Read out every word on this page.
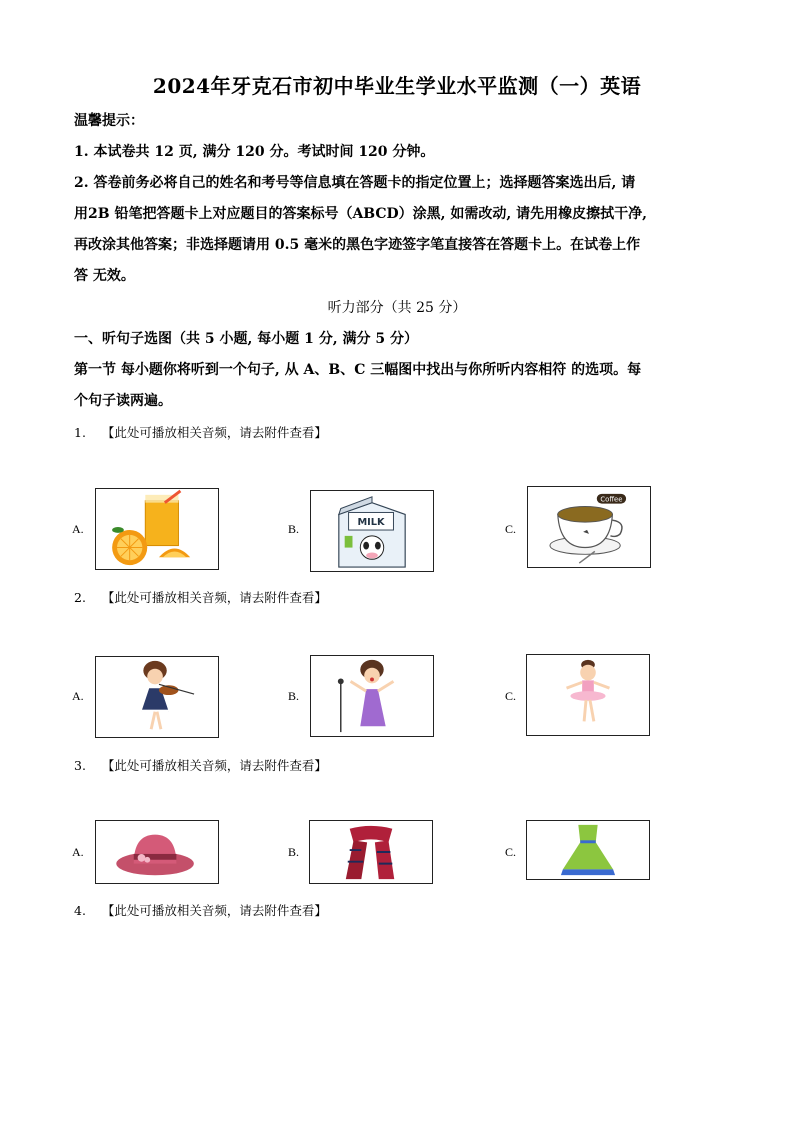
2024年牙克石市初中毕业生学业水平监测（一）英语
温馨提示：
1. 本试卷共 12 页, 满分 120 分。考试时间 120 分钟。
2. 答卷前务必将自己的姓名和考号等信息填在答题卡的指定位置上；选择题答案选出后, 请
用2B 铅笔把答题卡上对应题目的答案标号（ABCD）涂黑, 如需改动, 请先用橡皮擦拭干净,
再改涂其他答案；非选择题请用 0.5 毫米的黑色字迹签字笔直接答在答题卡上。在试卷上作
答 无效。
听力部分（共 25 分）
一、听句子选图（共 5 小题, 每小题 1 分, 满分 5 分）
第一节 每小题你将听到一个句子, 从 A、B、C 三幅图中找出与你所听内容相符 的选项。每
个句子读两遍。
1. 【此处可播放相关音频，请去附件查看】
A.	B.	MILK	C.
Coffee
2. 【此处可播放相关音频，请去附件查看】
A.	B.	C.
3. 【此处可播放相关音频，请去附件查看】
A.	B.	C.
4. 【此处可播放相关音频，请去附件查看】
